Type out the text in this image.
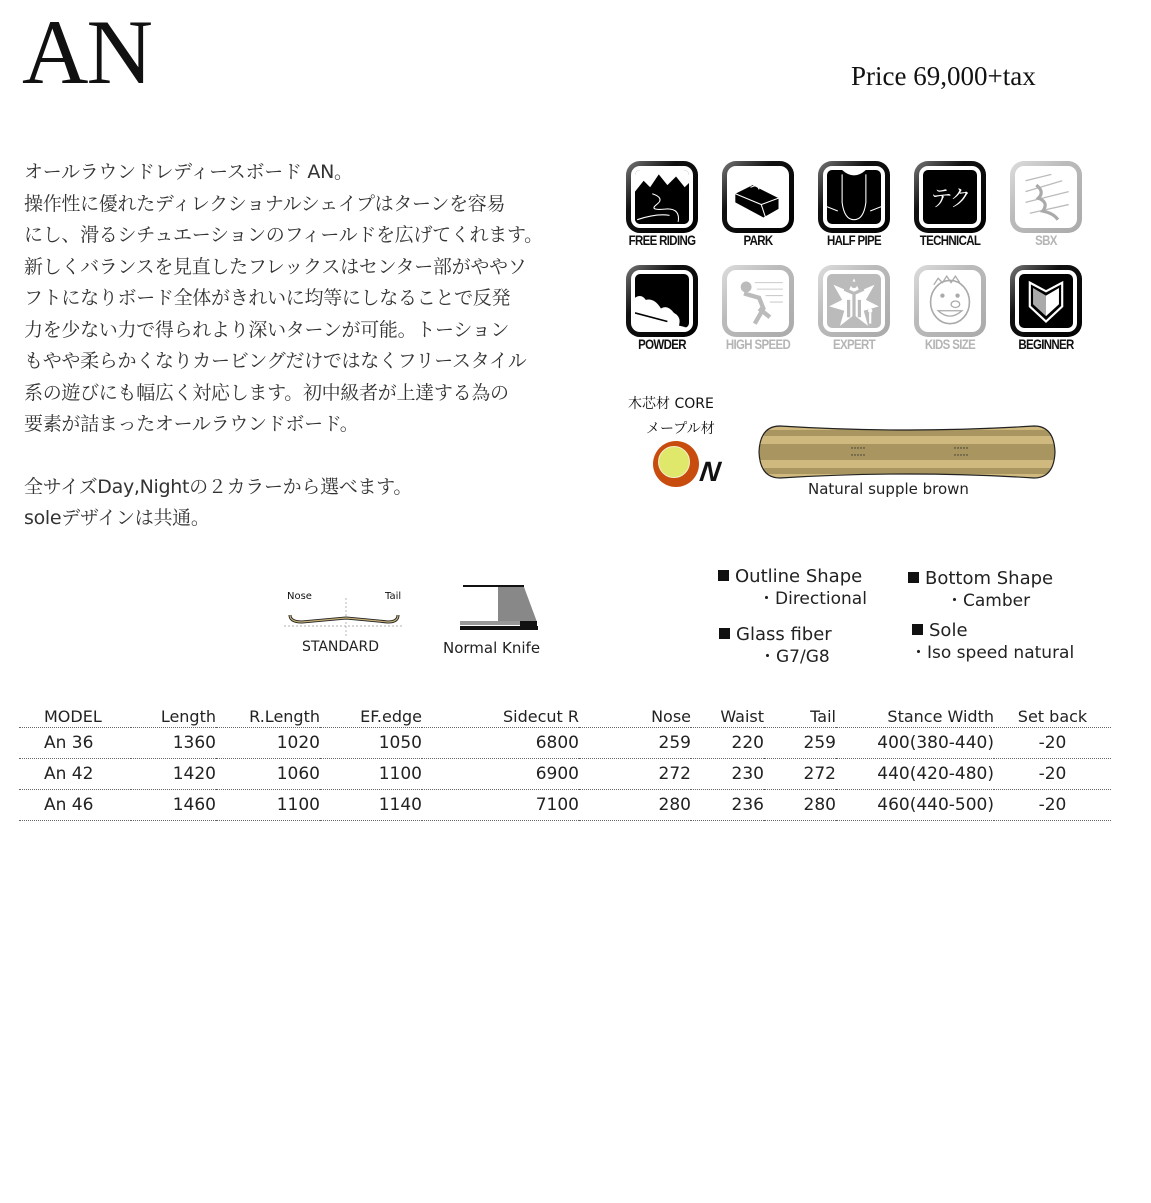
AN	Price 69,000+tax

オールラウンドレディースボード AN。

操作性に優れたディレクショナルシェイプはターンを容易

にし、滑るシチュエーションのフィールドを広げてくれます。

新しくバランスを見直したフレックスはセンター部がややソ

フトになりボード全体がきれいに均等にしなることで反発

力を少ない力で得られより深いターンが可能。トーション

もやや柔らかくなりカービングだけではなくフリースタイル

系の遊びにも幅広く対応します。初中級者が上達する為の

要素が詰まったオールラウンドボード。

全サイズDay,Nightの２カラーから選べます。

soleデザインは共通。

FREE RIDING	PARK	HALF PIPE
テク
TECHNICAL	SBX
POWDER	HIGH SPEED	EXPERT	KIDS SIZE	BEGINNER
木芯材 CORE
メープル材
N
Natural supple brown
Nose	Tail
STANDARD	Normal Knife
Outline Shape
・Directional
Bottom Shape
・Camber
Glass fiber
・G7/G8
Sole
・Iso speed natural
MODEL	Length	R.Length	EF.edge	Sidecut R	Nose	Waist	Tail	Stance Width	Set back
An 36	1360	1020	1050	6800	259	220	259	400(380-440)	-20
An 42	1420	1060	1100	6900	272	230	272	440(420-480)	-20
An 46	1460	1100	1140	7100	280	236	280	460(440-500)	-20
